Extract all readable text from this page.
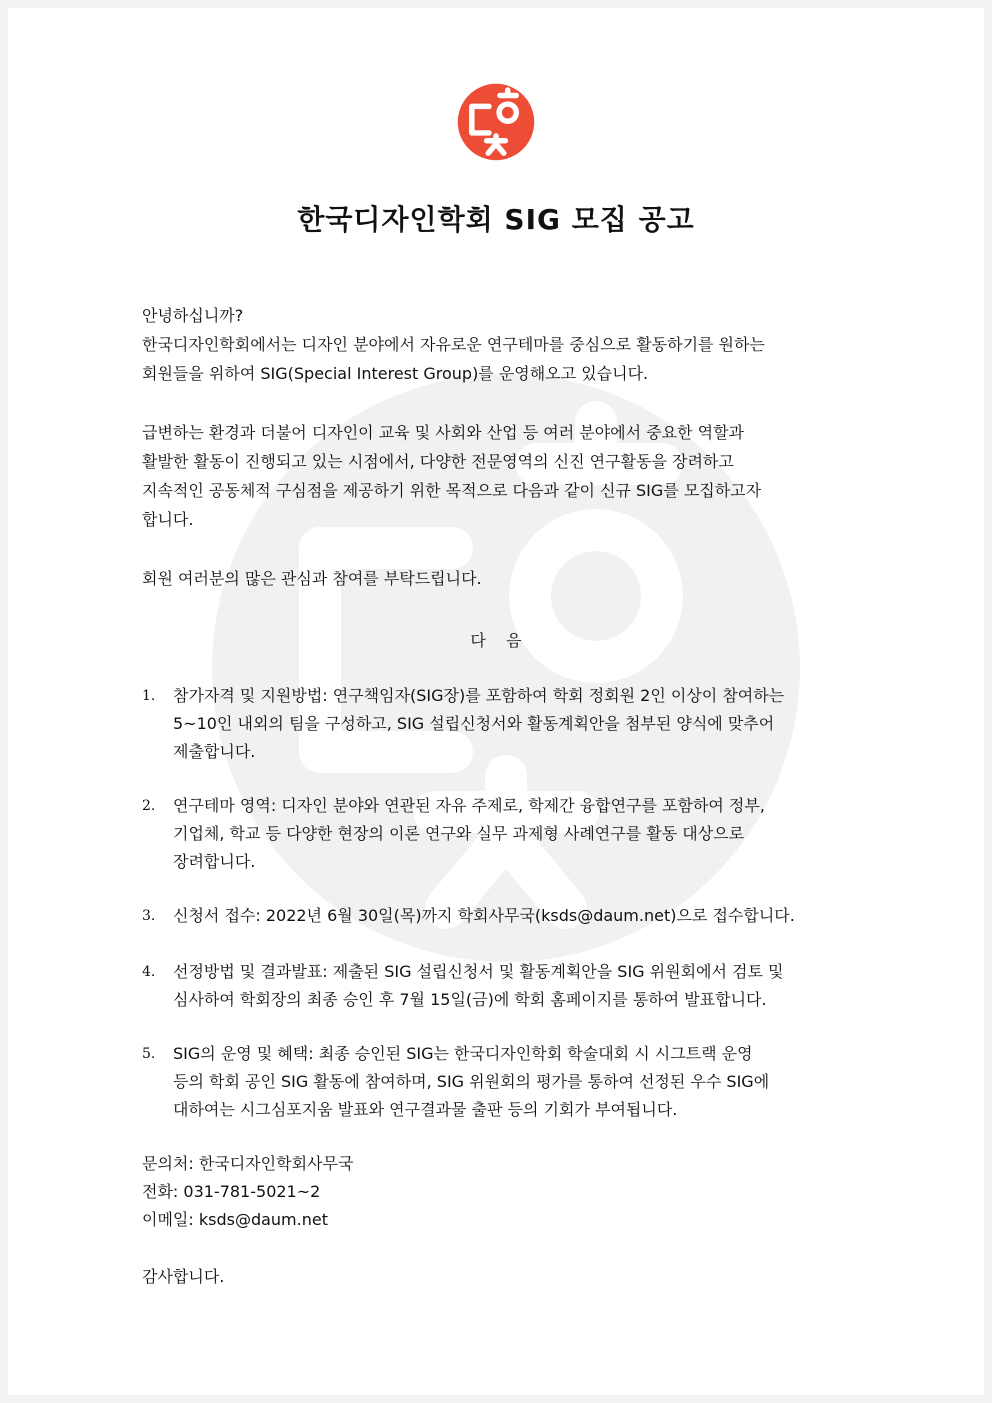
한국디자인학회 SIG 모집 공고
안녕하십니까?
한국디자인학회에서는 디자인 분야에서 자유로운 연구테마를 중심으로 활동하기를 원하는
회원들을 위하여 SIG(Special Interest Group)를 운영해오고 있습니다.
급변하는 환경과 더불어 디자인이 교육 및 사회와 산업 등 여러 분야에서 중요한 역할과
활발한 활동이 진행되고 있는 시점에서, 다양한 전문영역의 신진 연구활동을 장려하고
지속적인 공동체적 구심점을 제공하기 위한 목적으로 다음과 같이 신규 SIG를 모집하고자
합니다.
회원 여러분의 많은 관심과 참여를 부탁드립니다.
다    음
1. 참가자격 및 지원방법: 연구책임자(SIG장)를 포함하여 학회 정회원 2인 이상이 참여하는
5~10인 내외의 팀을 구성하고, SIG 설립신청서와 활동계획안을 첨부된 양식에 맞추어
제출합니다.
2. 연구테마 영역: 디자인 분야와 연관된 자유 주제로, 학제간 융합연구를 포함하여 정부,
기업체, 학교 등 다양한 현장의 이론 연구와 실무 과제형 사례연구를 활동 대상으로
장려합니다.
3. 신청서 접수: 2022년 6월 30일(목)까지 학회사무국(ksds@daum.net)으로 접수합니다.
4. 선정방법 및 결과발표: 제출된 SIG 설립신청서 및 활동계획안을 SIG 위원회에서 검토 및
심사하여 학회장의 최종 승인 후 7월 15일(금)에 학회 홈페이지를 통하여 발표합니다.
5. SIG의 운영 및 혜택: 최종 승인된 SIG는 한국디자인학회 학술대회 시 시그트랙 운영
등의 학회 공인 SIG 활동에 참여하며, SIG 위원회의 평가를 통하여 선정된 우수 SIG에
대하여는 시그심포지움 발표와 연구결과물 출판 등의 기회가 부여됩니다.
문의처: 한국디자인학회사무국
전화: 031-781-5021~2
이메일: ksds@daum.net
감사합니다.
